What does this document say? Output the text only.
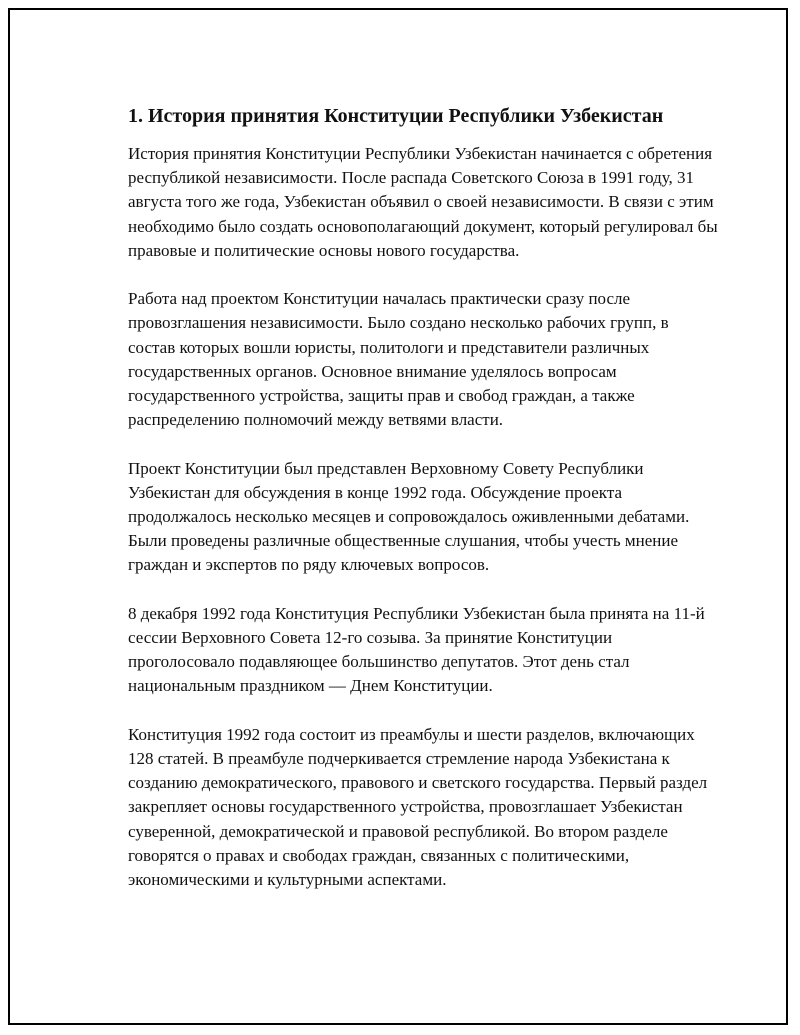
1. История принятия Конституции Республики Узбекистан

История принятия Конституции Республики Узбекистан начинается с обретения республикой независимости. После распада Советского Союза в 1991 году, 31 августа того же года, Узбекистан объявил о своей независимости. В связи с этим необходимо было создать основополагающий документ, который регулировал бы правовые и политические основы нового государства.

Работа над проектом Конституции началась практически сразу после провозглашения независимости. Было создано несколько рабочих групп, в состав которых вошли юристы, политологи и представители различных государственных органов. Основное внимание уделялось вопросам государственного устройства, защиты прав и свобод граждан, а также распределению полномочий между ветвями власти.

Проект Конституции был представлен Верховному Совету Республики Узбекистан для обсуждения в конце 1992 года. Обсуждение проекта продолжалось несколько месяцев и сопровождалось оживленными дебатами. Были проведены различные общественные слушания, чтобы учесть мнение граждан и экспертов по ряду ключевых вопросов.

8 декабря 1992 года Конституция Республики Узбекистан была принята на 11-й сессии Верховного Совета 12-го созыва. За принятие Конституции проголосовало подавляющее большинство депутатов. Этот день стал национальным праздником — Днем Конституции.

Конституция 1992 года состоит из преамбулы и шести разделов, включающих 128 статей. В преамбуле подчеркивается стремление народа Узбекистана к созданию демократического, правового и светского государства. Первый раздел закрепляет основы государственного устройства, провозглашает Узбекистан суверенной, демократической и правовой республикой. Во втором разделе говорятся о правах и свободах граждан, связанных с политическими, экономическими и культурными аспектами.
